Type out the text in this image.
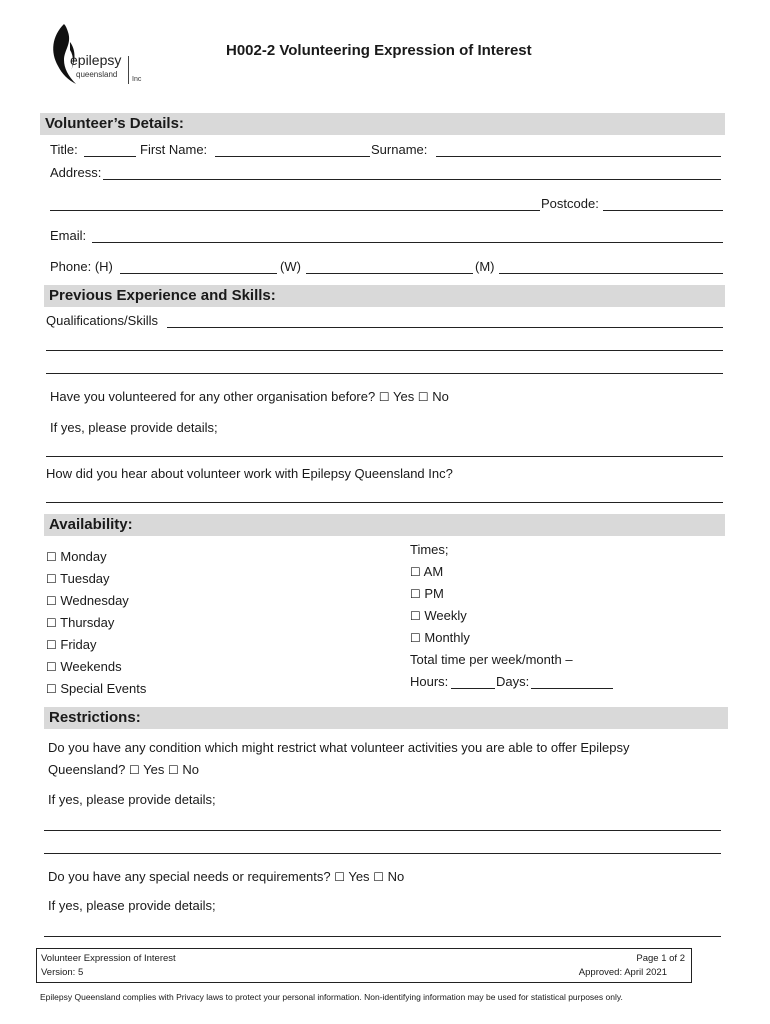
epilepsy
queensland
Inc
H002-2 Volunteering Expression of Interest
Volunteer’s Details:
Title:	First Name:	Surname:
Address:
Postcode:
Email:
Phone: (H)	(W)	(M)
Previous Experience and Skills:
Qualifications/Skills
Have you volunteered for any other organisation before? ☐ Yes ☐ No
If yes, please provide details;
How did you hear about volunteer work with Epilepsy Queensland Inc?
Availability:
☐ Monday
☐ Tuesday
☐ Wednesday
☐ Thursday
☐ Friday
☐ Weekends
☐ Special Events
Times;
☐ AM
☐ PM
☐ Weekly
☐ Monthly
Total time per week/month –
Hours:	Days:
Restrictions:
Do you have any condition which might restrict what volunteer activities you are able to offer Epilepsy
Queensland? ☐ Yes ☐ No
If yes, please provide details;
Do you have any special needs or requirements? ☐ Yes ☐ No
If yes, please provide details;
Volunteer Expression of Interest
Version: 5
Page 1 of 2
Approved: April 2021
Epilepsy Queensland complies with Privacy laws to protect your personal information. Non-identifying information may be used for statistical purposes only.
